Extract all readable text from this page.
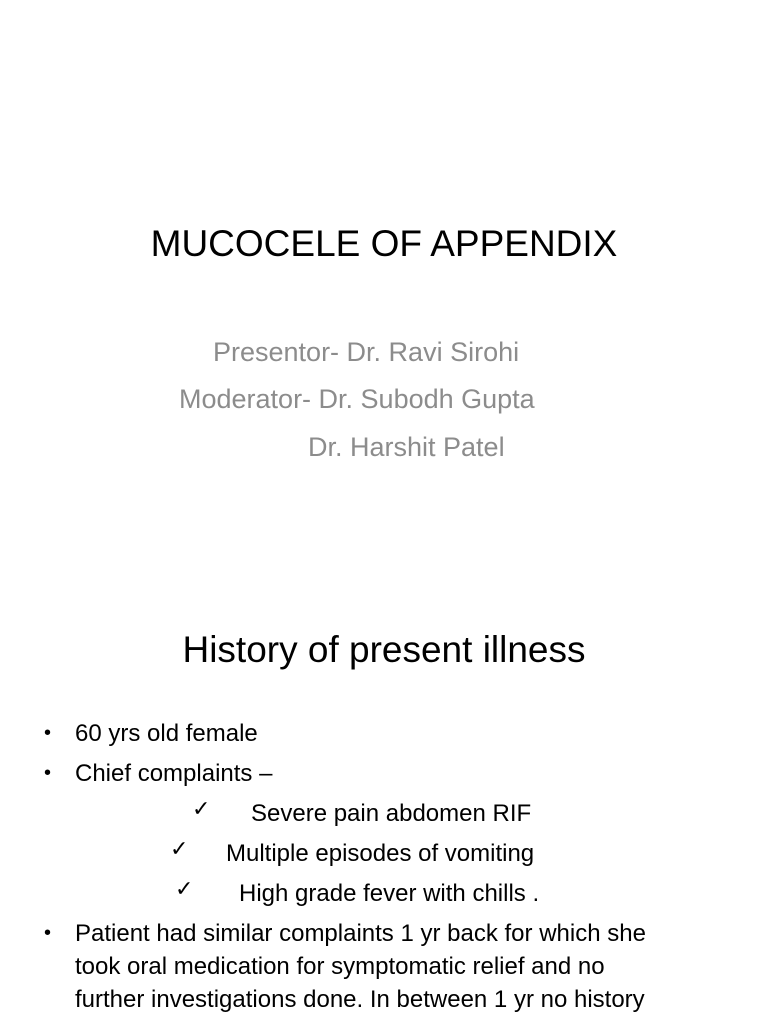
MUCOCELE OF APPENDIX
Presentor- Dr. Ravi Sirohi
Moderator- Dr. Subodh Gupta
Dr. Harshit Patel
History of present illness
• 60 yrs old female
• Chief complaints –
✓ Severe pain abdomen RIF
✓ Multiple episodes of vomiting
✓ High grade fever with chills .
• Patient had similar complaints 1 yr back for which she
took oral medication for symptomatic relief and no
further investigations done. In between 1 yr no history
